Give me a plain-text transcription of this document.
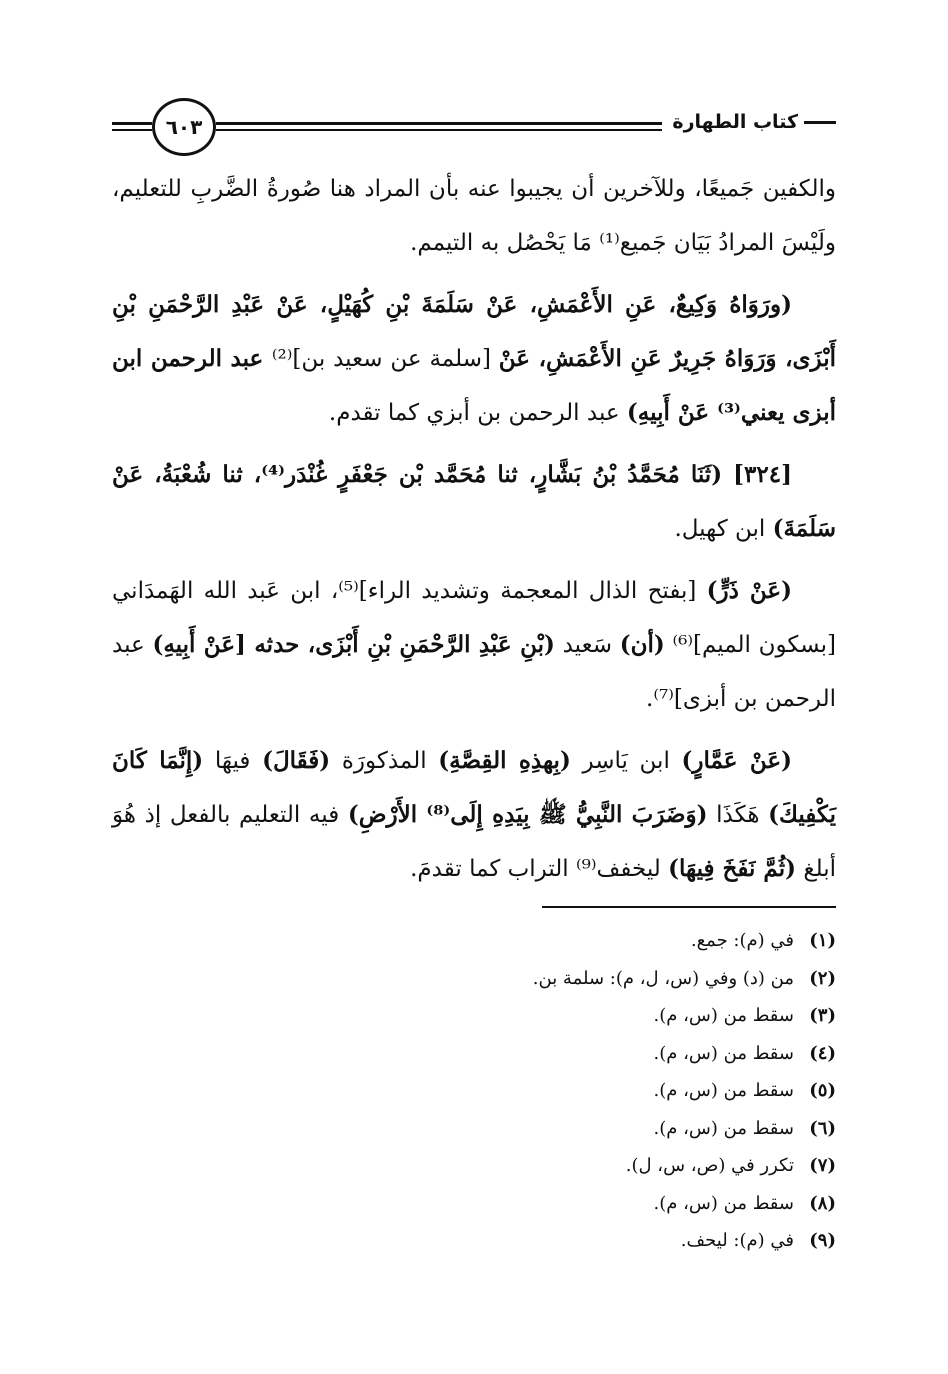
كتاب الطهارة
٦٠٣

والكفين جَميعًا، وللآخرين أن يجيبوا عنه بأن المراد هنا صُورةُ الضَّربِ للتعليم، ولَيْسَ المرادُ بَيَان جَميع⁽¹⁾ مَا يَحْصُل به التيمم.

(ورَوَاهُ وَكِيعٌ، عَنِ الأَعْمَشِ، عَنْ سَلَمَةَ بْنِ كُهَيْلٍ، عَنْ عَبْدِ الرَّحْمَنِ بْنِ أَبْزَى، وَرَوَاهُ جَرِيرٌ عَنِ الأَعْمَشِ، عَنْ [سلمة عن سعيد بن]⁽²⁾ عبد الرحمن ابن أبزى يعني⁽³⁾ عَنْ أَبِيهِ) عبد الرحمن بن أبزي كما تقدم.

[٣٢٤] (ثَنَا مُحَمَّدُ بْنُ بَشَّارٍ، ثنا مُحَمَّد بْن جَعْفَرٍ غُنْدَر⁽⁴⁾، ثنا شُعْبَةُ، عَنْ سَلَمَةَ) ابن كهيل.

(عَنْ ذَرٍّ) [بفتح الذال المعجمة وتشديد الراء]⁽⁵⁾، ابن عَبد الله الهَمدَاني [بسكون الميم]⁽⁶⁾ (أن) سَعيد (بْنِ عَبْدِ الرَّحْمَنِ بْنِ أَبْزَى، حدثه [عَنْ أَبِيهِ) عبد الرحمن بن أبزى]⁽⁷⁾.

(عَنْ عَمَّارٍ) ابن يَاسِر (بِهذِهِ القِصَّةِ) المذكورَة (فَقَالَ) فيهَا (إِنَّمَا كَانَ يَكْفِيكَ) هَكَذَا (وَضَرَبَ النَّبِيُّ ﷺ بِيَدِهِ إِلَى⁽⁸⁾ الأَرْضِ) فيه التعليم بالفعل إذ هُوَ أبلغ (ثُمَّ نَفَخَ فِيهَا) ليخفف⁽⁹⁾ التراب كما تقدمَ.

(١)في (م): جمع.
(٢)من (د) وفي (س، ل، م): سلمة بن.
(٣)سقط من (س، م).
(٤)سقط من (س، م).
(٥)سقط من (س، م).
(٦)سقط من (س، م).
(٧)تكرر في (ص، س، ل).
(٨)سقط من (س، م).
(٩)في (م): ليحف.
